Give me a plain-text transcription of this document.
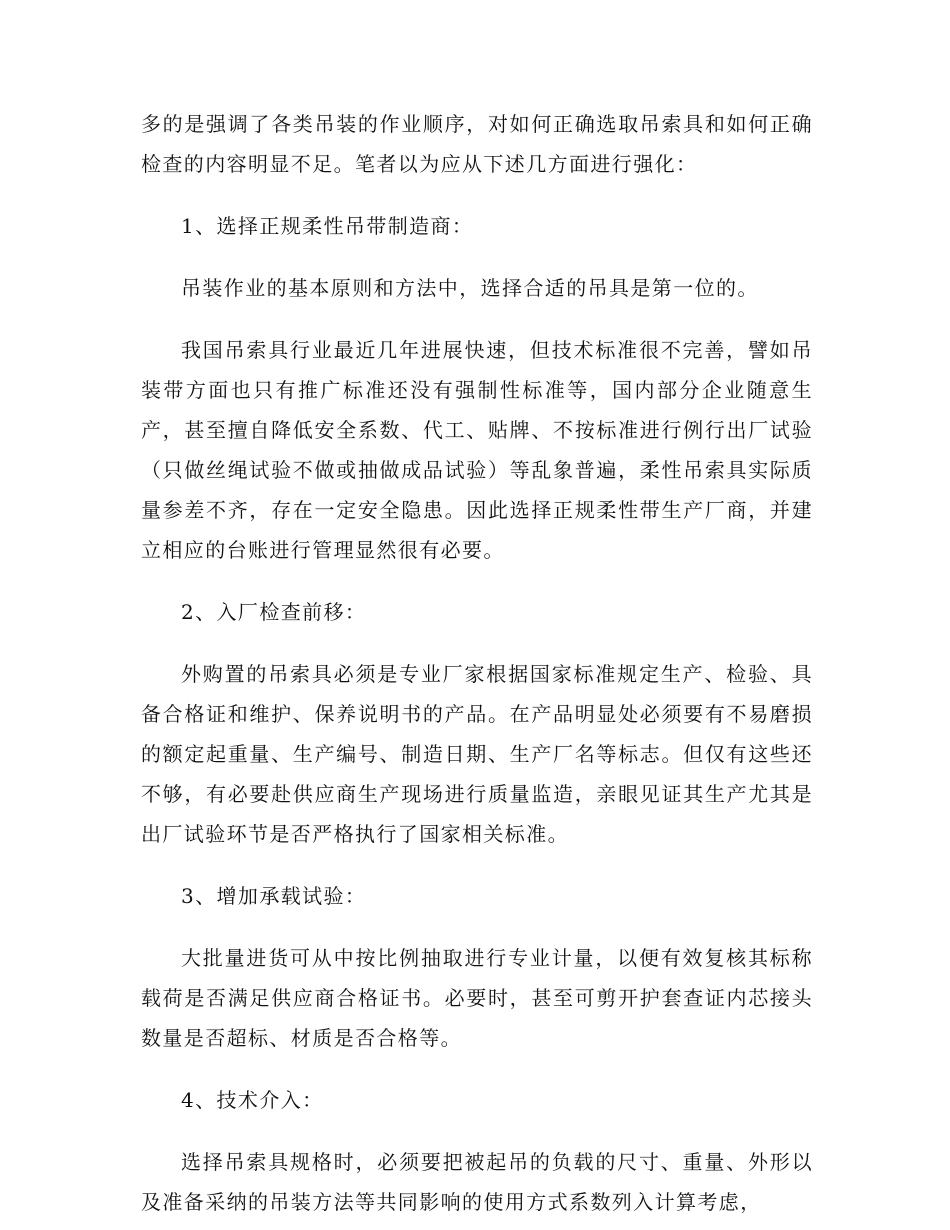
多的是强调了各类吊装的作业顺序，对如何正确选取吊索具和如何正确检查的内容明显不足。笔者以为应从下述几方面进行强化：

1、选择正规柔性吊带制造商：

吊装作业的基本原则和方法中，选择合适的吊具是第一位的。

我国吊索具行业最近几年进展快速，但技术标准很不完善，譬如吊装带方面也只有推广标准还没有强制性标准等，国内部分企业随意生产，甚至擅自降低安全系数、代工、贴牌、不按标准进行例行出厂试验（只做丝绳试验不做或抽做成品试验）等乱象普遍，柔性吊索具实际质量参差不齐，存在一定安全隐患。因此选择正规柔性带生产厂商，并建立相应的台账进行管理显然很有必要。

2、入厂检查前移：

外购置的吊索具必须是专业厂家根据国家标准规定生产、检验、具备合格证和维护、保养说明书的产品。在产品明显处必须要有不易磨损的额定起重量、生产编号、制造日期、生产厂名等标志。但仅有这些还不够，有必要赴供应商生产现场进行质量监造，亲眼见证其生产尤其是出厂试验环节是否严格执行了国家相关标准。

3、增加承载试验：

大批量进货可从中按比例抽取进行专业计量，以便有效复核其标称载荷是否满足供应商合格证书。必要时，甚至可剪开护套查证内芯接头数量是否超标、材质是否合格等。

4、技术介入：

选择吊索具规格时，必须要把被起吊的负载的尺寸、重量、外形以及准备采纳的吊装方法等共同影响的使用方式系数列入计算考虑，
